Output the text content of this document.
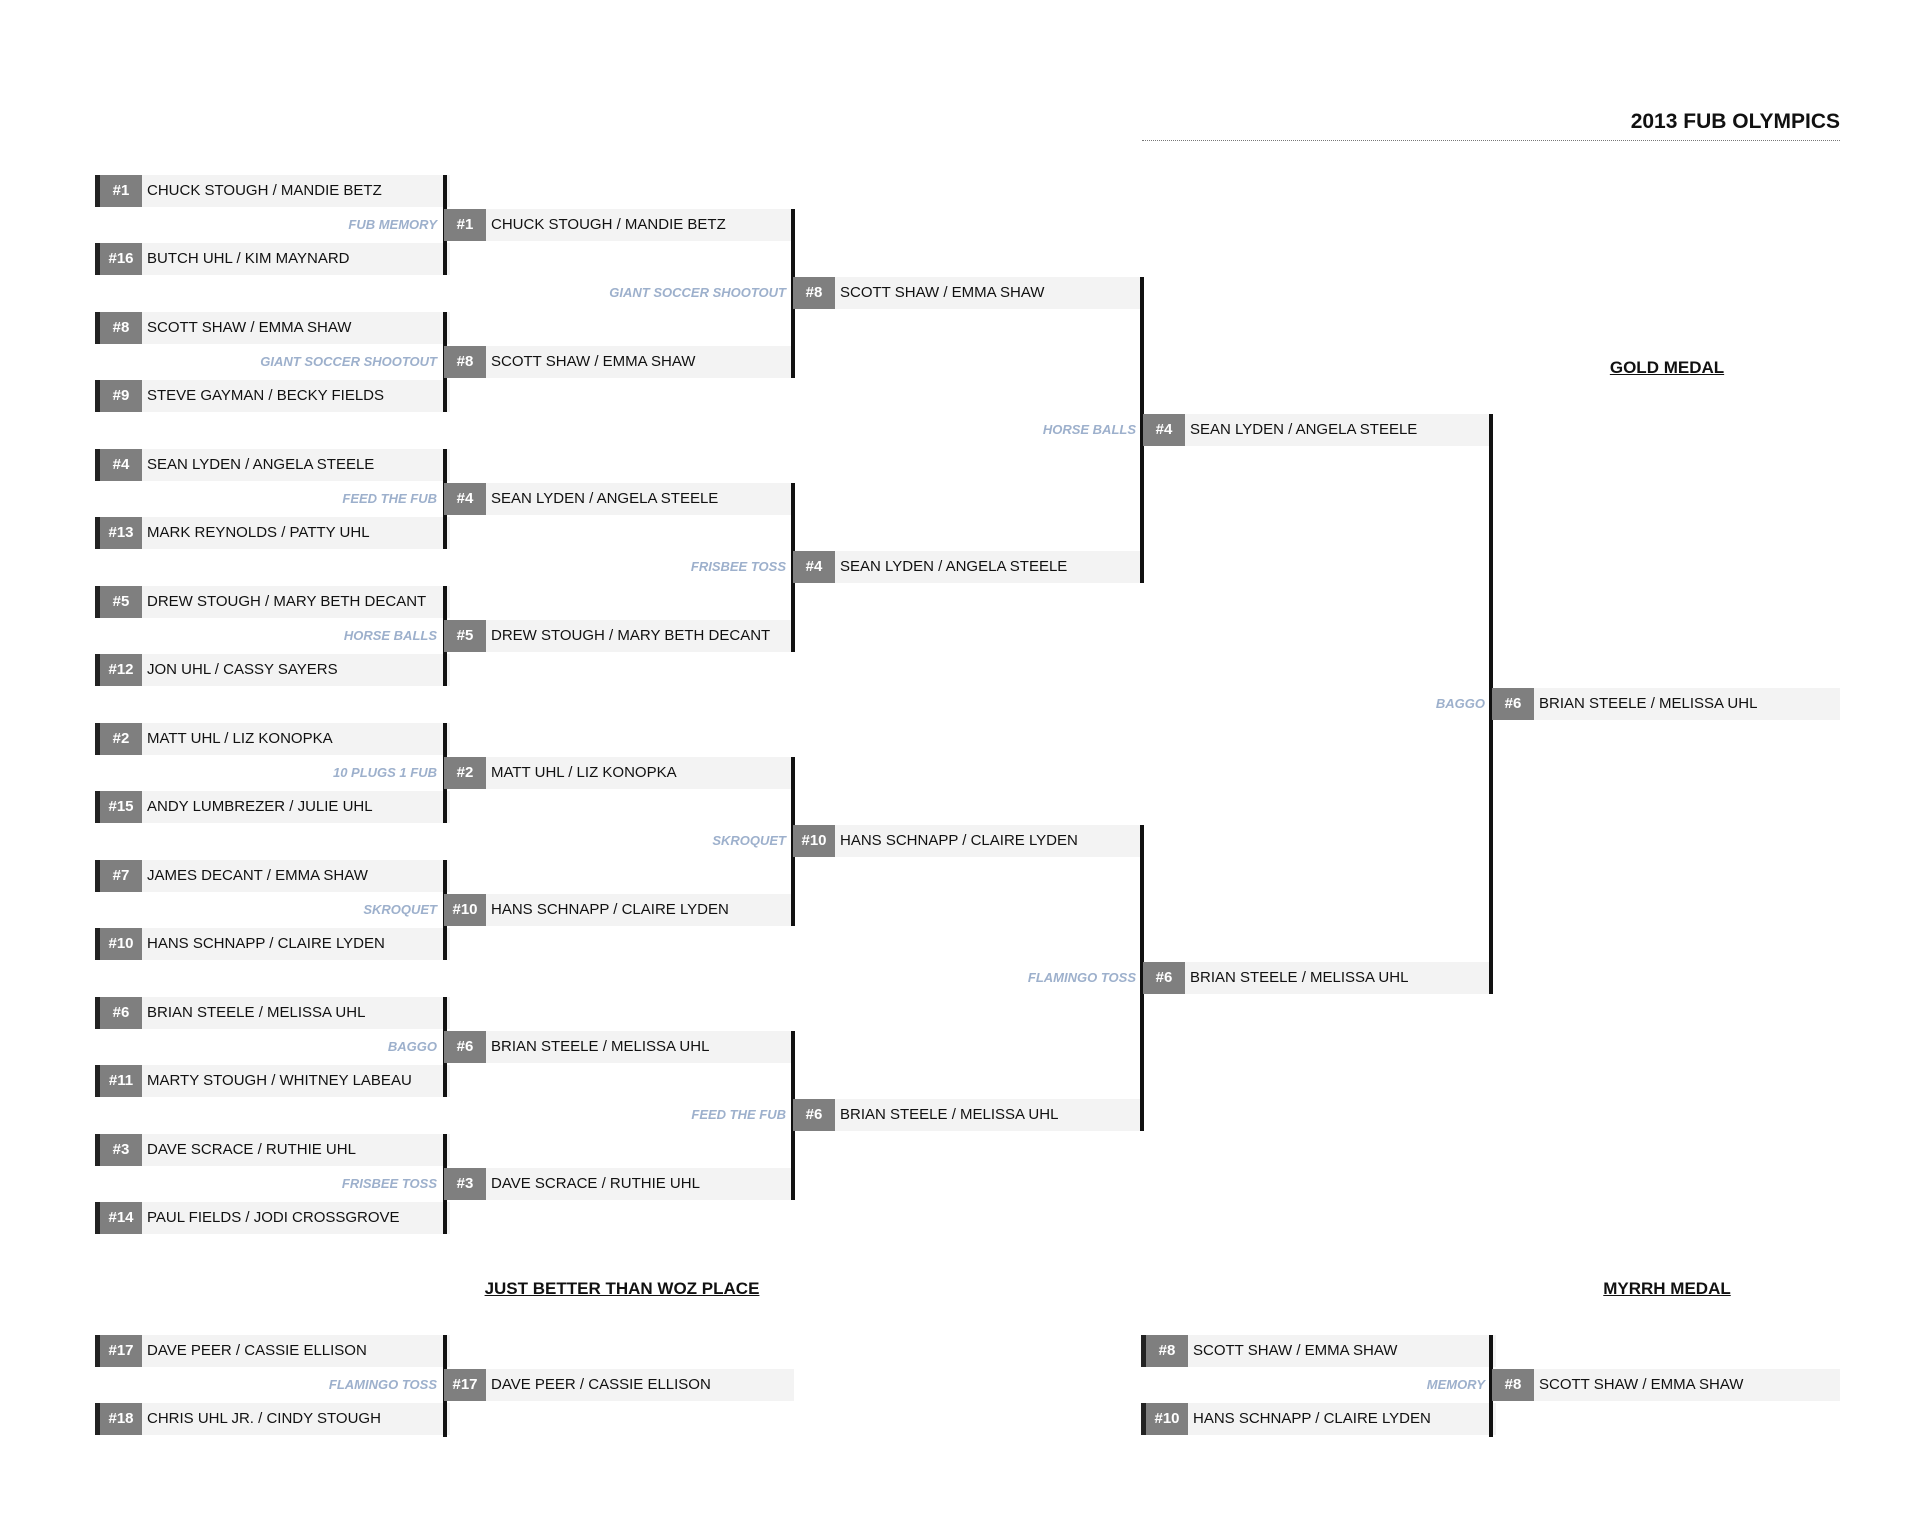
2013 FUB OLYMPICS
GOLD MEDAL
JUST BETTER THAN WOZ PLACE	MYRRH MEDAL
#1	CHUCK STOUGH / MANDIE BETZ
#16 BUTCH UHL / KIM MAYNARD
#8	SCOTT SHAW / EMMA SHAW
#9	STEVE GAYMAN / BECKY FIELDS
#4	SEAN LYDEN / ANGELA STEELE
#13 MARK REYNOLDS / PATTY UHL
#5	DREW STOUGH / MARY BETH DECANT
#12 JON UHL / CASSY SAYERS
#2	MATT UHL / LIZ KONOPKA
#15 ANDY LUMBREZER / JULIE UHL
#7	JAMES DECANT / EMMA SHAW
#10 HANS SCHNAPP / CLAIRE LYDEN
#6	BRIAN STEELE / MELISSA UHL
#11 MARTY STOUGH / WHITNEY LABEAU
#3	DAVE SCRACE / RUTHIE UHL
#14 PAUL FIELDS / JODI CROSSGROVE
#1	CHUCK STOUGH / MANDIE BETZ
FUB MEMORY
#8	SCOTT SHAW / EMMA SHAW
GIANT SOCCER SHOOTOUT
#4	SEAN LYDEN / ANGELA STEELE
FEED THE FUB
#5	DREW STOUGH / MARY BETH DECANT
HORSE BALLS
#2	MATT UHL / LIZ KONOPKA
10 PLUGS 1 FUB
#10 HANS SCHNAPP / CLAIRE LYDEN
SKROQUET
#6	BRIAN STEELE / MELISSA UHL
BAGGO
#3	DAVE SCRACE / RUTHIE UHL
FRISBEE TOSS
#8	SCOTT SHAW / EMMA SHAW
GIANT SOCCER SHOOTOUT
#4	SEAN LYDEN / ANGELA STEELE
FRISBEE TOSS
#10 HANS SCHNAPP / CLAIRE LYDEN
SKROQUET
#6	BRIAN STEELE / MELISSA UHL
FEED THE FUB
#4	SEAN LYDEN / ANGELA STEELE
HORSE BALLS
#6	BRIAN STEELE / MELISSA UHL
FLAMINGO TOSS
#6	BRIAN STEELE / MELISSA UHL
BAGGO
#17 DAVE PEER / CASSIE ELLISON
#18 CHRIS UHL JR. / CINDY STOUGH
#17 DAVE PEER / CASSIE ELLISON
FLAMINGO TOSS
#8	SCOTT SHAW / EMMA SHAW
#10 HANS SCHNAPP / CLAIRE LYDEN
#8	SCOTT SHAW / EMMA SHAW
MEMORY
